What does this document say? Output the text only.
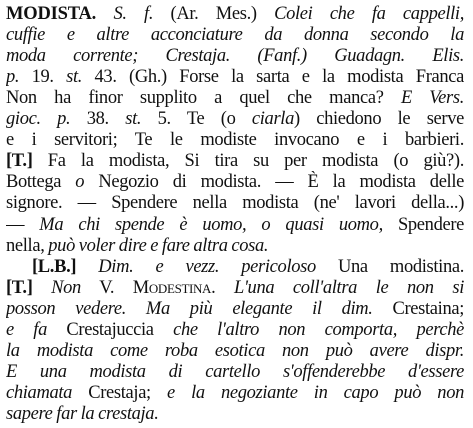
MODISTA. S. f. (Ar. Mes.) Colei che fa cappelli,
cuffie e altre acconciature da donna secondo la
moda corrente; Crestaja. (Fanf.) Guadagn. Elis.
p. 19. st. 43. (Gh.) Forse la sarta e la modista Franca
Non ha finor supplito a quel che manca? E Vers.
gioc. p. 38. st. 5. Te (o ciarla) chiedono le serve
e i servitori; Te le modiste invocano e i barbieri.
[T.] Fa la modista, Si tira su per modista (o giù?).
Bottega o Negozio di modista. — È la modista delle
signore. — Spendere nella modista (ne' lavori della...)
— Ma chi spende è uomo, o quasi uomo, Spendere
nella, può voler dire e fare altra cosa.
[L.B.] Dim. e vezz. pericoloso Una modistina.
[T.] Non V. Modestina. L'una coll'altra le non si
posson vedere. Ma più elegante il dim. Crestaina;
e fa Crestajuccia che l'altro non comporta, perchè
la modista come roba esotica non può avere dispr.
E una modista di cartello s'offenderebbe d'essere
chiamata Crestaja; e la negoziante in capo può non
sapere far la crestaja.
